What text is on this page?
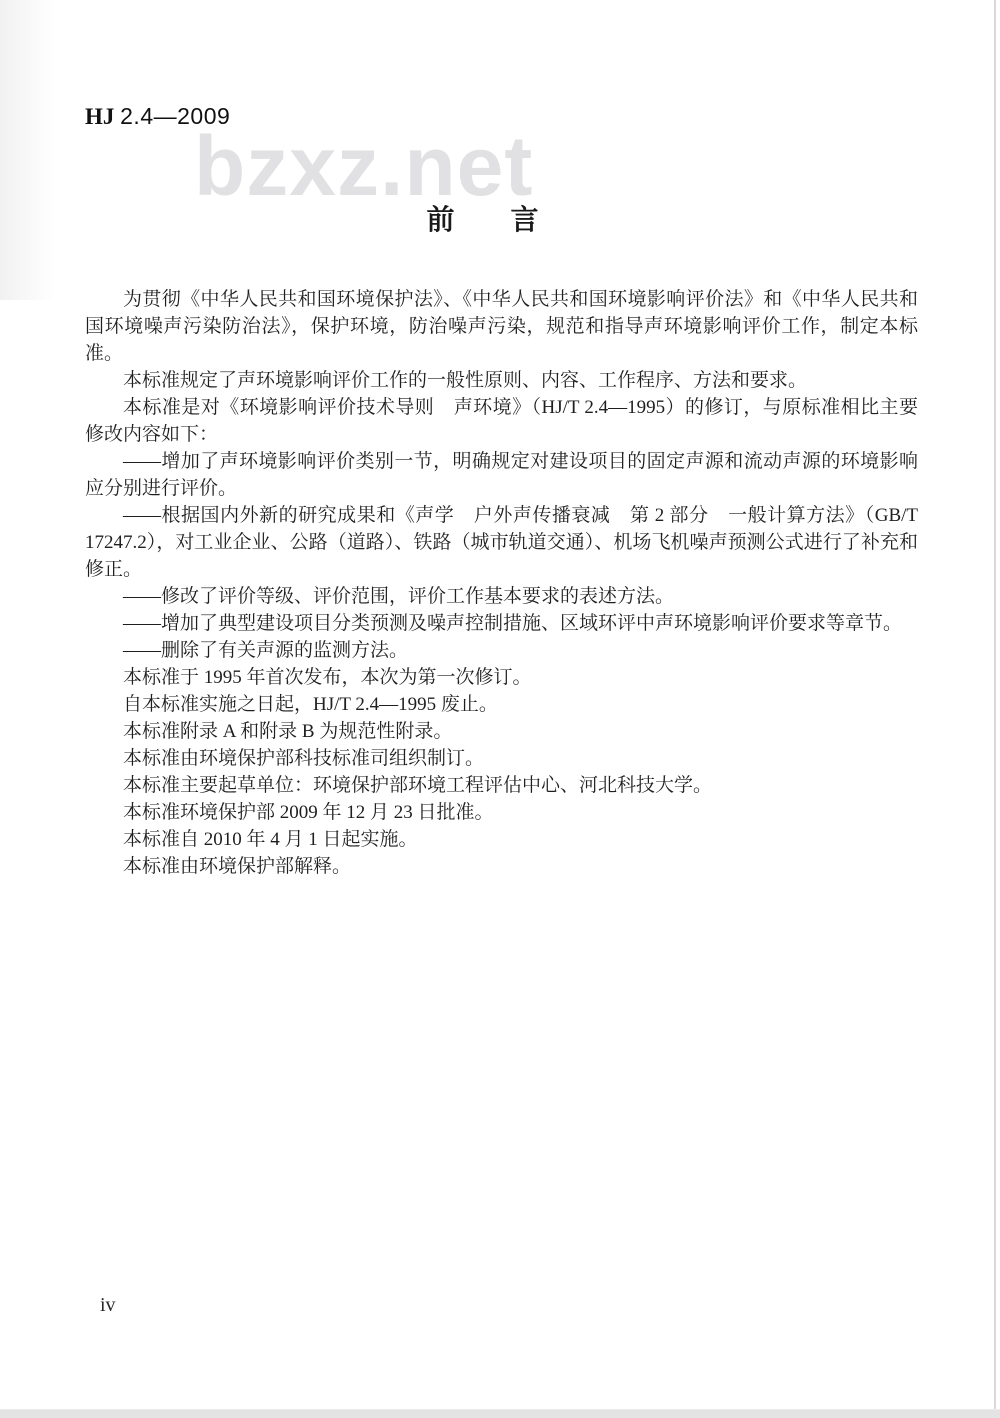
HJ 2.4—2009
bzxz.net
前　　言

为贯彻《中华人民共和国环境保护法》、《中华人民共和国环境影响评价法》和《中华人民共和国环境噪声污染防治法》，保护环境，防治噪声污染，规范和指导声环境影响评价工作，制定本标准。

本标准规定了声环境影响评价工作的一般性原则、内容、工作程序、方法和要求。

本标准是对《环境影响评价技术导则　声环境》（HJ/T 2.4—1995）的修订，与原标准相比主要修改内容如下：

——增加了声环境影响评价类别一节，明确规定对建设项目的固定声源和流动声源的环境影响应分别进行评价。

——根据国内外新的研究成果和《声学　户外声传播衰减　第 2 部分　一般计算方法》（GB/T 17247.2），对工业企业、公路（道路）、铁路（城市轨道交通）、机场飞机噪声预测公式进行了补充和修正。

——修改了评价等级、评价范围，评价工作基本要求的表述方法。

——增加了典型建设项目分类预测及噪声控制措施、区域环评中声环境影响评价要求等章节。

——删除了有关声源的监测方法。

本标准于 1995 年首次发布，本次为第一次修订。

自本标准实施之日起，HJ/T 2.4—1995 废止。

本标准附录 A 和附录 B 为规范性附录。

本标准由环境保护部科技标准司组织制订。

本标准主要起草单位：环境保护部环境工程评估中心、河北科技大学。

本标准环境保护部 2009 年 12 月 23 日批准。

本标准自 2010 年 4 月 1 日起实施。

本标准由环境保护部解释。

iv
